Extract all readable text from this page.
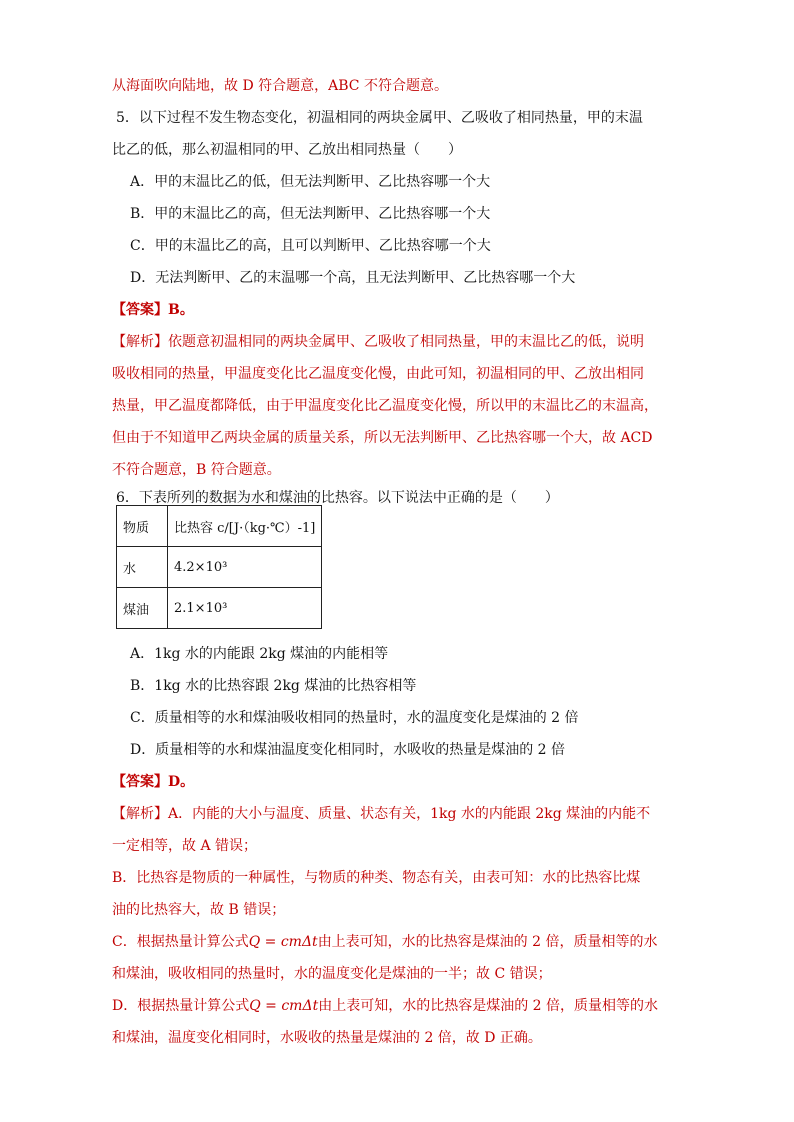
从海面吹向陆地，故 D 符合题意，ABC 不符合题意。
5．以下过程不发生物态变化，初温相同的两块金属甲、乙吸收了相同热量，甲的末温
比乙的低，那么初温相同的甲、乙放出相同热量（　　）
A．甲的末温比乙的低，但无法判断甲、乙比热容哪一个大
B．甲的末温比乙的高，但无法判断甲、乙比热容哪一个大
C．甲的末温比乙的高，且可以判断甲、乙比热容哪一个大
D．无法判断甲、乙的末温哪一个高，且无法判断甲、乙比热容哪一个大
【答案】B。
【解析】依题意初温相同的两块金属甲、乙吸收了相同热量，甲的末温比乙的低，说明
吸收相同的热量，甲温度变化比乙温度变化慢，由此可知，初温相同的甲、乙放出相同
热量，甲乙温度都降低，由于甲温度变化比乙温度变化慢，所以甲的末温比乙的末温高，
但由于不知道甲乙两块金属的质量关系，所以无法判断甲、乙比热容哪一个大，故 ACD
不符合题意，B 符合题意。
6．下表所列的数据为水和煤油的比热容。以下说法中正确的是（　　）
物质	比热容 c/[J·（kg·℃）-1]
水	4.2×10³
煤油	2.1×10³
A．1kg 水的内能跟 2kg 煤油的内能相等
B．1kg 水的比热容跟 2kg 煤油的比热容相等
C．质量相等的水和煤油吸收相同的热量时，水的温度变化是煤油的 2 倍
D．质量相等的水和煤油温度变化相同时，水吸收的热量是煤油的 2 倍
【答案】D。
【解析】A．内能的大小与温度、质量、状态有关，1kg 水的内能跟 2kg 煤油的内能不
一定相等，故 A 错误；
B．比热容是物质的一种属性，与物质的种类、物态有关，由表可知：水的比热容比煤
油的比热容大，故 B 错误；
C．根据热量计算公式Q = cmΔt由上表可知，水的比热容是煤油的 2 倍，质量相等的水
和煤油，吸收相同的热量时，水的温度变化是煤油的一半；故 C 错误；
D．根据热量计算公式Q = cmΔt由上表可知，水的比热容是煤油的 2 倍，质量相等的水
和煤油，温度变化相同时，水吸收的热量是煤油的 2 倍，故 D 正确。
